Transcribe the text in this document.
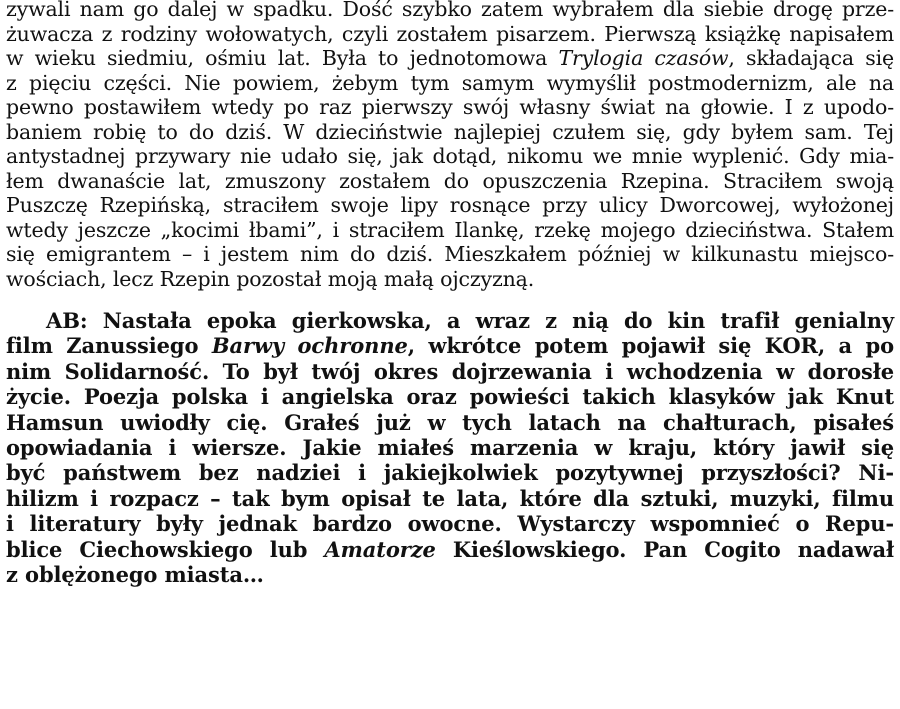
zywali nam go dalej w spadku. Dość szybko zatem wybrałem dla siebie drogę prze-
żuwacza z rodziny wołowatych, czyli zostałem pisarzem. Pierwszą książkę napisałem
w wieku siedmiu, ośmiu lat. Była to jednotomowa Trylogia czasów, składająca się
z pięciu części. Nie powiem, żebym tym samym wymyślił postmodernizm, ale na
pewno postawiłem wtedy po raz pierwszy swój własny świat na głowie. I z upodo-
baniem robię to do dziś. W dzieciństwie najlepiej czułem się, gdy byłem sam. Tej
antystadnej przywary nie udało się, jak dotąd, nikomu we mnie wyplenić. Gdy mia-
łem dwanaście lat, zmuszony zostałem do opuszczenia Rzepina. Straciłem swoją
Puszczę Rzepińską, straciłem swoje lipy rosnące przy ulicy Dworcowej, wyłożonej
wtedy jeszcze „kocimi łbami”, i straciłem Ilankę, rzekę mojego dzieciństwa. Stałem
się emigrantem – i jestem nim do dziś. Mieszkałem później w kilkunastu miejsco-
wościach, lecz Rzepin pozostał moją małą ojczyzną.
AB: Nastała epoka gierkowska, a wraz z nią do kin trafił genialny
film Zanussiego Barwy ochronne, wkrótce potem pojawił się KOR, a po
nim Solidarność. To był twój okres dojrzewania i wchodzenia w dorosłe
życie. Poezja polska i angielska oraz powieści takich klasyków jak Knut
Hamsun uwiodły cię. Grałeś już w tych latach na chałturach, pisałeś
opowiadania i wiersze. Jakie miałeś marzenia w kraju, który jawił się
być państwem bez nadziei i jakiejkolwiek pozytywnej przyszłości? Ni-
hilizm i rozpacz – tak bym opisał te lata, które dla sztuki, muzyki, filmu
i literatury były jednak bardzo owocne. Wystarczy wspomnieć o Repu-
blice Ciechowskiego lub Amatorze Kieślowskiego. Pan Cogito nadawał
z oblężonego miasta…
